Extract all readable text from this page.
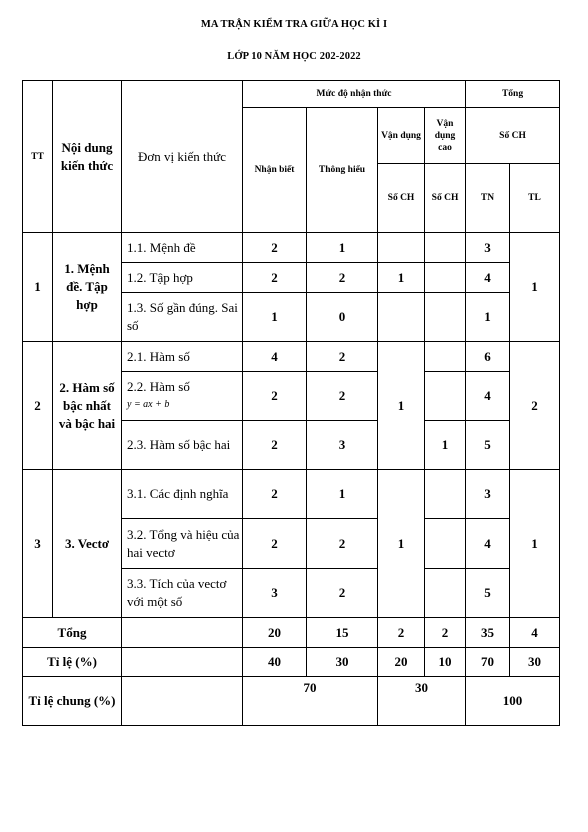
MA TRẬN KIỂM TRA GIỮA HỌC KÌ I
LỚP 10 NĂM HỌC 202-2022
TT	Nội dung kiến thức	Đơn vị kiến thức	Mức độ nhận thức				Tổng	
			Nhận biết	Thông hiểu	Vận dụng	Vận dụng cao	Số CH	
					Số CH	Số CH	TN	TL
1	1. Mệnh đề. Tập hợp	1.1. Mệnh đề	2	1			3	1
		1.2. Tập hợp	2	2	1		4	
		1.3. Số gần đúng. Sai số	1	0			1	
2	2. Hàm số bậc nhất và bậc hai	2.1. Hàm số	4	2	1		6	2

		2.2. Hàm số
y = ax + b	2	2			4	
		2.3. Hàm số bậc hai	2	3		1	5	
3	3. Vectơ	3.1. Các định nghĩa	2	1	1		3	1
		3.2. Tổng và hiệu của hai vectơ	2	2			4	
		3.3. Tích của vectơ với một số	3	2			5	
Tổng			20	15	2	2	35	4
Tỉ lệ (%)			40	30	20	10	70	30
Tỉ lệ chung (%)			70		30		100	
